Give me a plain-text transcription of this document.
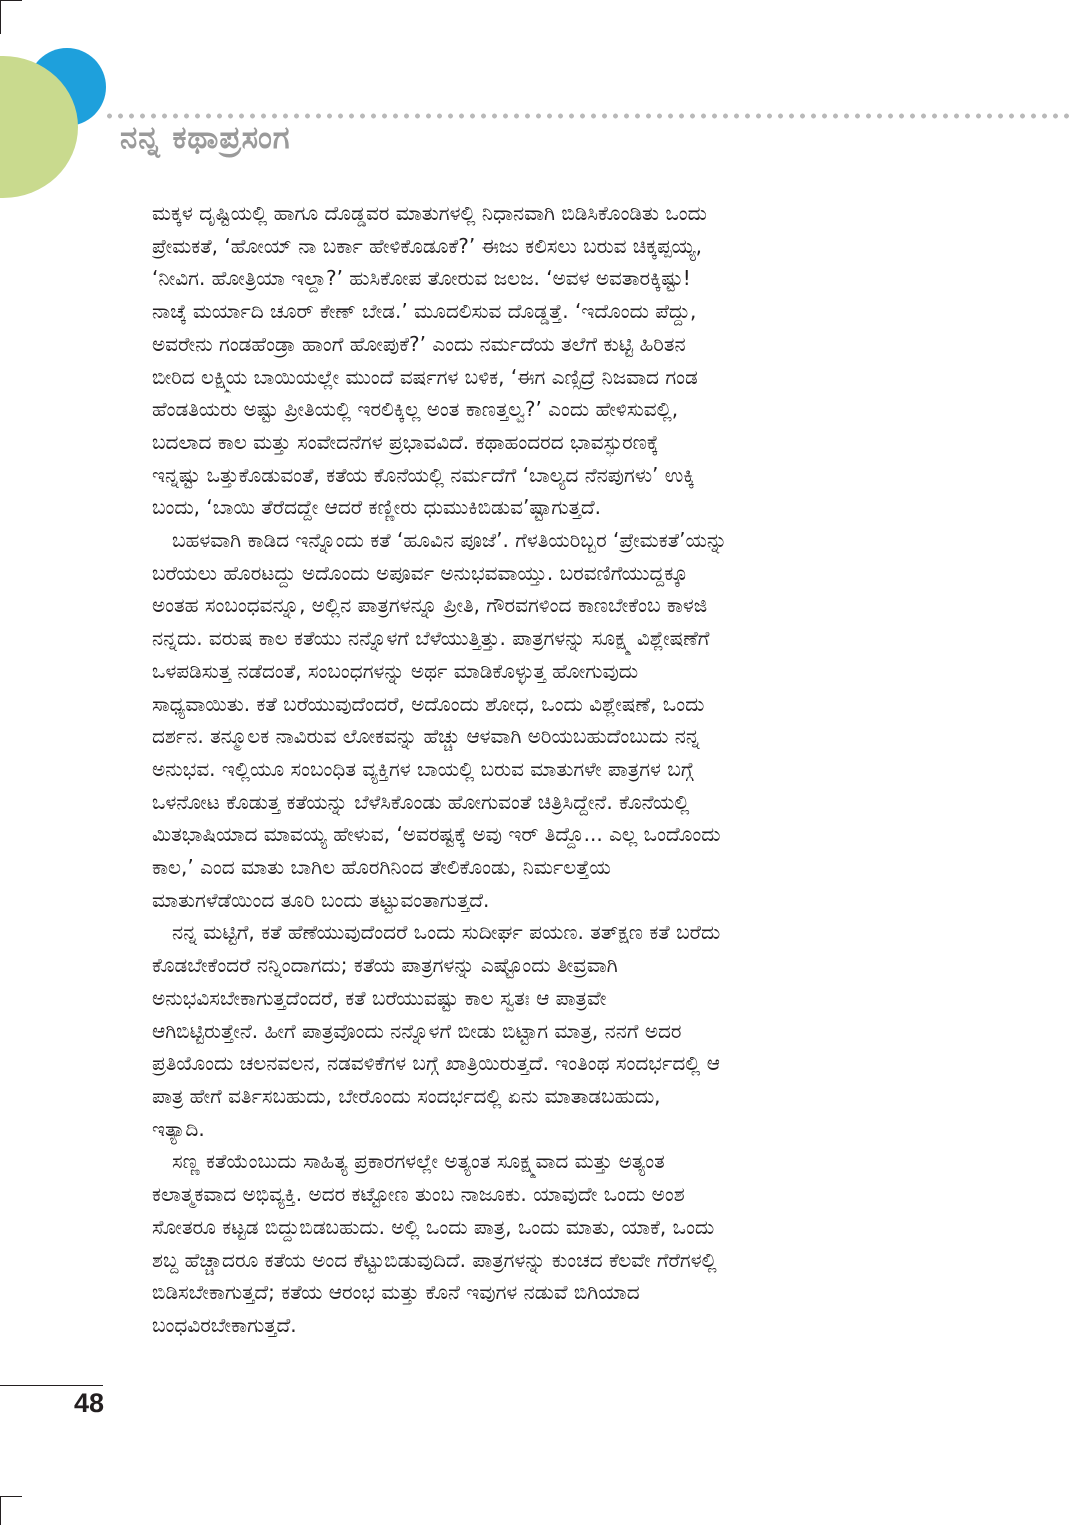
ನನ್ನ ಕಥಾಪ್ರಸಂಗ
ಮಕ್ಕಳ ದೃಷ್ಟಿಯಲ್ಲಿ ಹಾಗೂ ದೊಡ್ಡವರ ಮಾತುಗಳಲ್ಲಿ ನಿಧಾನವಾಗಿ ಬಿಡಿಸಿಕೊಂಡಿತು ಒಂದು
ಪ್ರೇಮಕತೆ, ‘ಹೋಯ್ ನಾ ಬರ್ಕಾ ಹೇಳಿಕೊಡೂಕೆ?’ ಈಜು ಕಲಿಸಲು ಬರುವ ಚಿಕ್ಕಪ್ಪಯ್ಯ,
‘ನೀವಿಗ. ಹೋತ್ರಿಯಾ ಇಲ್ದಾ?’ ಹುಸಿಕೋಪ ತೋರುವ ಜಲಜ. ‘ಅವಳ ಅವತಾರಕ್ಕಿಷ್ಟು!
ನಾಚ್ಕೆ ಮರ್ಯಾದಿ ಚೂರ್ ಕೇಣ್ ಬೇಡ.’ ಮೂದಲಿಸುವ ದೊಡ್ಡತ್ತೆ. ‘ಇದೊಂದು ಪೆದ್ದು,
ಅವರೇನು ಗಂಡಹೆಂಡ್ರಾ ಹಾಂಗೆ ಹೋಪುಕೆ?’ ಎಂದು ನರ್ಮದೆಯ ತಲೆಗೆ ಕುಟ್ಟಿ ಹಿರಿತನ
ಬೀರಿದ ಲಕ್ಷ್ಮಿಯ ಬಾಯಿಯಲ್ಲೇ ಮುಂದೆ ವರ್ಷಗಳ ಬಳಿಕ, ‘ಈಗ ಎಣ್ಸಿದ್ರೆ ನಿಜವಾದ ಗಂಡ
ಹೆಂಡತಿಯರು ಅಷ್ಟು ಪ್ರೀತಿಯಲ್ಲಿ ಇರಲಿಕ್ಕಿಲ್ಲ ಅಂತ ಕಾಣತ್ತಲ್ವ?’ ಎಂದು ಹೇಳಿಸುವಲ್ಲಿ,
ಬದಲಾದ ಕಾಲ ಮತ್ತು ಸಂವೇದನೆಗಳ ಪ್ರಭಾವವಿದೆ. ಕಥಾಹಂದರದ ಭಾವಸ್ಫುರಣಕ್ಕೆ
ಇನ್ನಷ್ಟು ಒತ್ತುಕೊಡುವಂತೆ, ಕತೆಯ ಕೊನೆಯಲ್ಲಿ ನರ್ಮದೆಗೆ ‘ಬಾಲ್ಯದ ನೆನಪುಗಳು’ ಉಕ್ಕಿ
ಬಂದು, ‘ಬಾಯಿ ತೆರೆದದ್ದೇ ಆದರೆ ಕಣ್ಣೀರು ಧುಮುಕಿಬಿಡುವ’ಷ್ಟಾಗುತ್ತದೆ.
ಬಹಳವಾಗಿ ಕಾಡಿದ ಇನ್ನೊಂದು ಕತೆ ‘ಹೂವಿನ ಪೂಜೆ’. ಗೆಳತಿಯರಿಬ್ಬರ ‘ಪ್ರೇಮಕತೆ’ಯನ್ನು
ಬರೆಯಲು ಹೊರಟದ್ದು ಅದೊಂದು ಅಪೂರ್ವ ಅನುಭವವಾಯ್ತು. ಬರವಣಿಗೆಯುದ್ದಕ್ಕೂ
ಅಂತಹ ಸಂಬಂಧವನ್ನೂ, ಅಲ್ಲಿನ ಪಾತ್ರಗಳನ್ನೂ ಪ್ರೀತಿ, ಗೌರವಗಳಿಂದ ಕಾಣಬೇಕೆಂಬ ಕಾಳಜಿ
ನನ್ನದು. ವರುಷ ಕಾಲ ಕತೆಯು ನನ್ನೊಳಗೆ ಬೆಳೆಯುತ್ತಿತ್ತು. ಪಾತ್ರಗಳನ್ನು ಸೂಕ್ಷ್ಮ ವಿಶ್ಲೇಷಣೆಗೆ
ಒಳಪಡಿಸುತ್ತ ನಡೆದಂತೆ, ಸಂಬಂಧಗಳನ್ನು ಅರ್ಥ ಮಾಡಿಕೊಳ್ಳುತ್ತ ಹೋಗುವುದು
ಸಾಧ್ಯವಾಯಿತು. ಕತೆ ಬರೆಯುವುದೆಂದರೆ, ಅದೊಂದು ಶೋಧ, ಒಂದು ವಿಶ್ಲೇಷಣೆ, ಒಂದು
ದರ್ಶನ. ತನ್ಮೂಲಕ ನಾವಿರುವ ಲೋಕವನ್ನು ಹೆಚ್ಚು ಆಳವಾಗಿ ಅರಿಯಬಹುದೆಂಬುದು ನನ್ನ
ಅನುಭವ. ಇಲ್ಲಿಯೂ ಸಂಬಂಧಿತ ವ್ಯಕ್ತಿಗಳ ಬಾಯಲ್ಲಿ ಬರುವ ಮಾತುಗಳೇ ಪಾತ್ರಗಳ ಬಗ್ಗೆ
ಒಳನೋಟ ಕೊಡುತ್ತ ಕತೆಯನ್ನು ಬೆಳೆಸಿಕೊಂಡು ಹೋಗುವಂತೆ ಚಿತ್ರಿಸಿದ್ದೇನೆ. ಕೊನೆಯಲ್ಲಿ
ಮಿತಭಾಷಿಯಾದ ಮಾವಯ್ಯ ಹೇಳುವ, ‘ಅವರಷ್ಟಕ್ಕೆ ಅವು ಇರ್ ತಿದ್ದೊ... ಎಲ್ಲ ಒಂದೊಂದು
ಕಾಲ,’ ಎಂದ ಮಾತು ಬಾಗಿಲ ಹೊರಗಿನಿಂದ ತೇಲಿಕೊಂಡು, ನಿರ್ಮಲತ್ತೆಯ
ಮಾತುಗಳೆಡೆಯಿಂದ ತೂರಿ ಬಂದು ತಟ್ಟುವಂತಾಗುತ್ತದೆ.
ನನ್ನ ಮಟ್ಟಿಗೆ, ಕತೆ ಹೆಣೆಯುವುದೆಂದರೆ ಒಂದು ಸುದೀರ್ಘ ಪಯಣ. ತತ್‍ಕ್ಷಣ ಕತೆ ಬರೆದು
ಕೊಡಬೇಕೆಂದರೆ ನನ್ನಿಂದಾಗದು; ಕತೆಯ ಪಾತ್ರಗಳನ್ನು ಎಷ್ಟೊಂದು ತೀವ್ರವಾಗಿ
ಅನುಭವಿಸಬೇಕಾಗುತ್ತದೆಂದರೆ, ಕತೆ ಬರೆಯುವಷ್ಟು ಕಾಲ ಸ್ವತಃ ಆ ಪಾತ್ರವೇ
ಆಗಿಬಿಟ್ಟಿರುತ್ತೇನೆ. ಹೀಗೆ ಪಾತ್ರವೊಂದು ನನ್ನೊಳಗೆ ಬೀಡು ಬಿಟ್ಟಾಗ ಮಾತ್ರ, ನನಗೆ ಅದರ
ಪ್ರತಿಯೊಂದು ಚಲನವಲನ, ನಡವಳಿಕೆಗಳ ಬಗ್ಗೆ ಖಾತ್ರಿಯಿರುತ್ತದೆ. ಇಂತಿಂಥ ಸಂದರ್ಭದಲ್ಲಿ ಆ
ಪಾತ್ರ ಹೇಗೆ ವರ್ತಿಸಬಹುದು, ಬೇರೊಂದು ಸಂದರ್ಭದಲ್ಲಿ ಏನು ಮಾತಾಡಬಹುದು,
ಇತ್ಯಾದಿ.
ಸಣ್ಣ ಕತೆಯೆಂಬುದು ಸಾಹಿತ್ಯ ಪ್ರಕಾರಗಳಲ್ಲೇ ಅತ್ಯಂತ ಸೂಕ್ಷ್ಮವಾದ ಮತ್ತು ಅತ್ಯಂತ
ಕಲಾತ್ಮಕವಾದ ಅಭಿವ್ಯಕ್ತಿ. ಅದರ ಕಟ್ಟೋಣ ತುಂಬ ನಾಜೂಕು. ಯಾವುದೇ ಒಂದು ಅಂಶ
ಸೋತರೂ ಕಟ್ಟಡ ಬಿದ್ದುಬಿಡಬಹುದು. ಅಲ್ಲಿ ಒಂದು ಪಾತ್ರ, ಒಂದು ಮಾತು, ಯಾಕೆ, ಒಂದು
ಶಬ್ದ ಹೆಚ್ಚಾದರೂ ಕತೆಯ ಅಂದ ಕೆಟ್ಟುಬಿಡುವುದಿದೆ. ಪಾತ್ರಗಳನ್ನು ಕುಂಚದ ಕೆಲವೇ ಗೆರೆಗಳಲ್ಲಿ
ಬಿಡಿಸಬೇಕಾಗುತ್ತದೆ; ಕತೆಯ ಆರಂಭ ಮತ್ತು ಕೊನೆ ಇವುಗಳ ನಡುವೆ ಬಿಗಿಯಾದ
ಬಂಧವಿರಬೇಕಾಗುತ್ತದೆ.
48
